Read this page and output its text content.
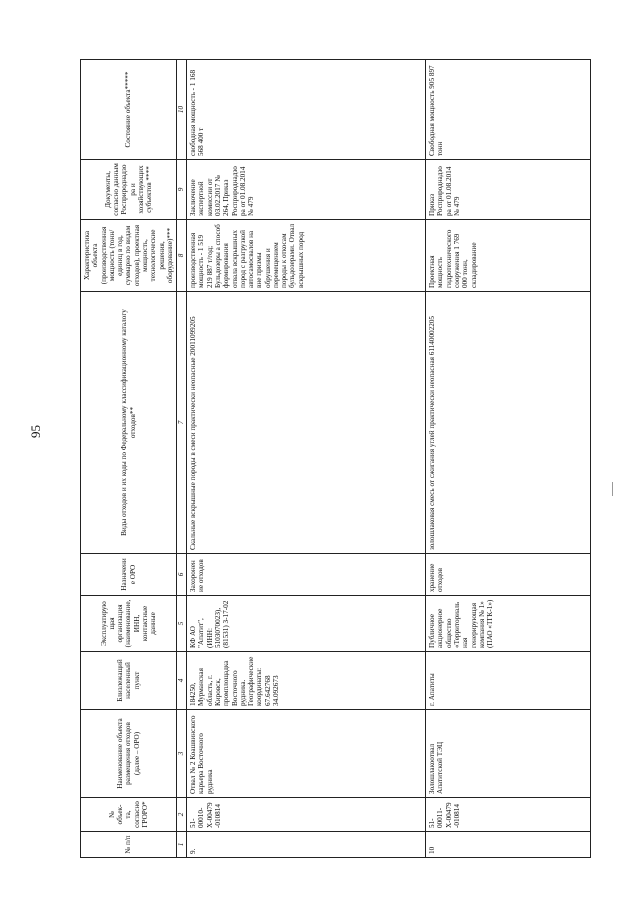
95
№ п/п	№ объек-та, согласно ГРОРО*	Наименование объекта размещения отходов (далее – ОРО)	Близлежащий населенный пункт	Эксплуатирующая организация (наименование, ИНН, контактные данные	Назначение ОРО	Виды отходов и их коды по Федеральному классификационному каталогу отходов**	Характеристика объекта (производственная мощность (тонн/единиц в год, суммарно по видам отходов), проектная мощность, технологические решения, оборудование)***	Документы, согласно данным Росприроднадзора и хозяйствующих субъектов ****	Состояние объекта*****
1	2	3	4	5	6	7	8	9	10
9.	51-00010-Х-00479-010814	Отвал № 2 Коашвинского карьера Восточного рудника	184250, Мурманская область, г. Кировск, промплощадка Восточного рудника. Географические координаты: 67.642768 34.092673	КФ АО "Апатит", (ИНН: 5103070023), (81531) 3-17-02	Захоронение отходов	Скальные вскрышные породы в смеси практически неопасные 20011099205	производственная мощность - 1 519 219 887 т/год; Бульдозеры а способ формирования отвала вскрышных пород с разгрузкой автосамосвалов на вне призмы обрушения и перемещением породы к откосам бульдозерами. Отвал вскрышных пород	Заключение экспертной комиссии от 03.02.2017 № 264, Приказ Росприроднадзора от 01.08.2014 № 479	свободная мощность - 1 168 568 400 т
10	51-00011-Х-00479-010814	Золошлакоотвал Апатитской ТЭЦ	г. Апатиты	Публичное акционерное общество «Территориальная генерирующая компания № 1» (ПАО «ТГК-1»)	хранение отходов	золошлаковая смесь от сжигания углей практически неопасная 61140002205	Проектная мощность гидротехнического сооружения 1 769 000 тонн, складирование	Приказ Росприроднадзора от 01.08.2014 № 479	Свободная мощность 905 897 тонн
